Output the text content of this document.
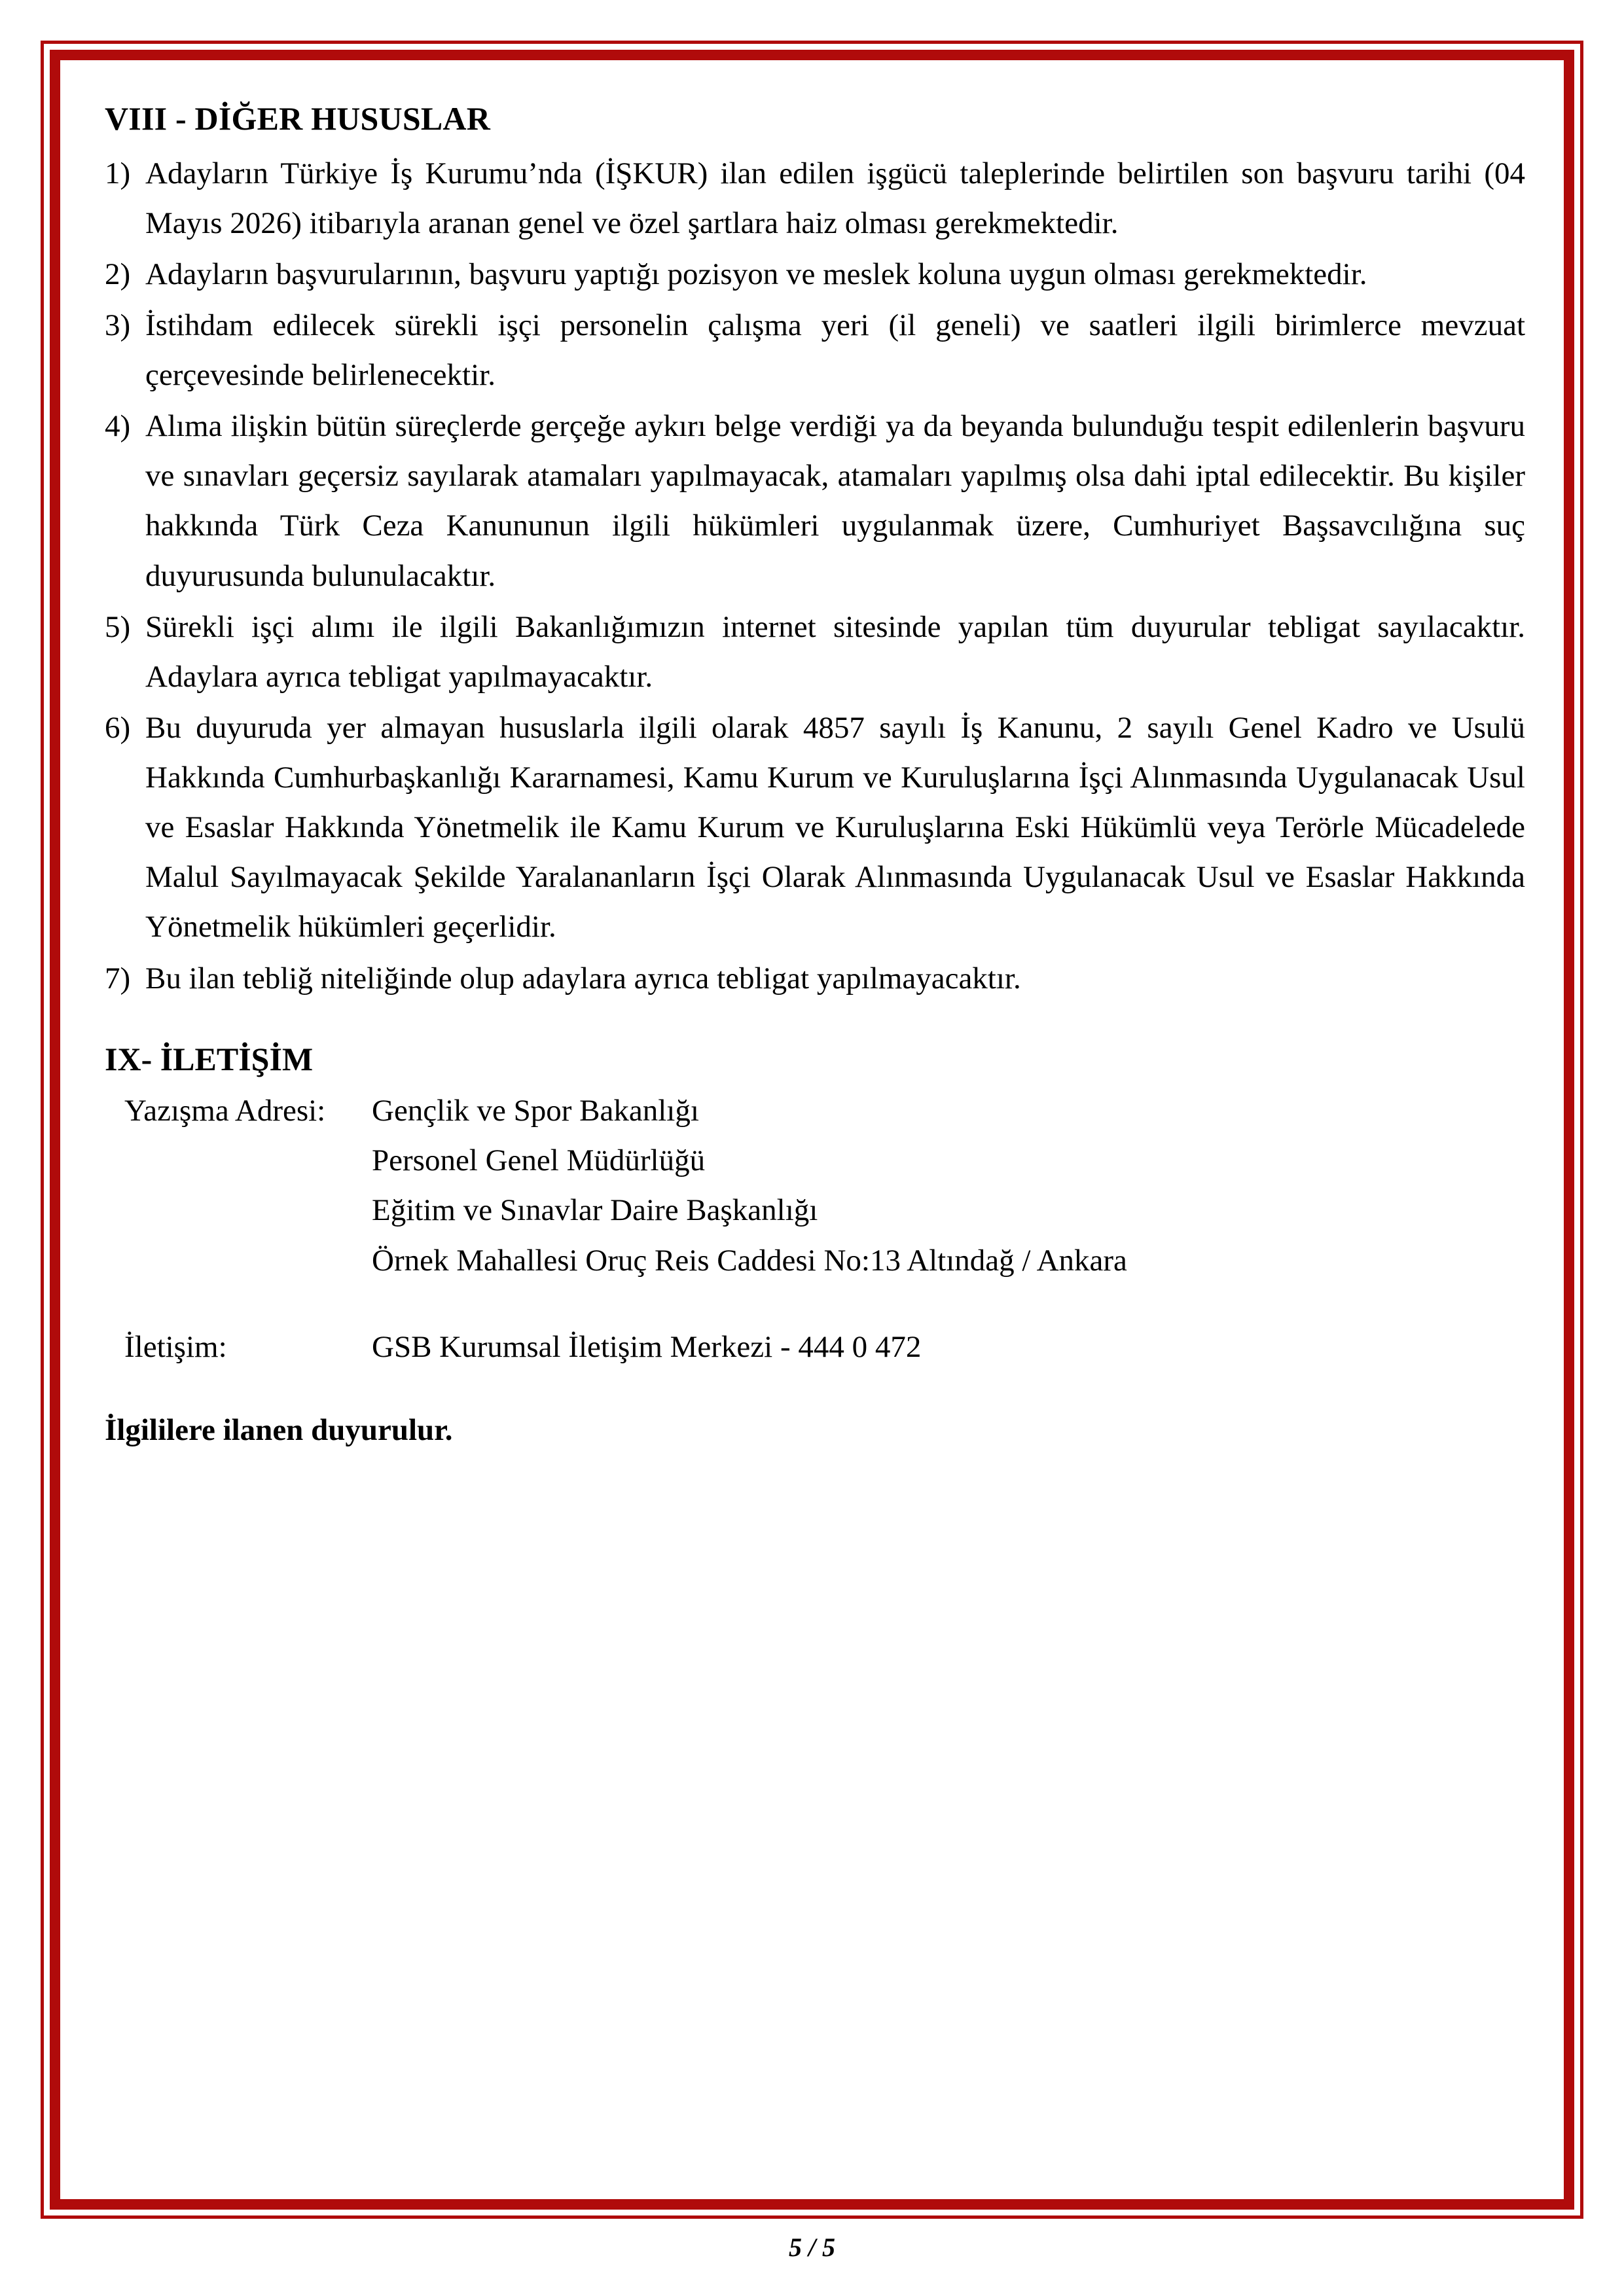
VIII - DİĞER HUSUSLAR
1) Adayların Türkiye İş Kurumu’nda (İŞKUR) ilan edilen işgücü taleplerinde belirtilen son başvuru tarihi (04 Mayıs 2026) itibarıyla aranan genel ve özel şartlara haiz olması gerekmektedir.
2) Adayların başvurularının, başvuru yaptığı pozisyon ve meslek koluna uygun olması gerekmektedir.
3) İstihdam edilecek sürekli işçi personelin çalışma yeri (il geneli) ve saatleri ilgili birimlerce mevzuat çerçevesinde belirlenecektir.
4) Alıma ilişkin bütün süreçlerde gerçeğe aykırı belge verdiği ya da beyanda bulunduğu tespit edilenlerin başvuru ve sınavları geçersiz sayılarak atamaları yapılmayacak, atamaları yapılmış olsa dahi iptal edilecektir. Bu kişiler hakkında Türk Ceza Kanununun ilgili hükümleri uygulanmak üzere, Cumhuriyet Başsavcılığına suç duyurusunda bulunulacaktır.
5) Sürekli işçi alımı ile ilgili Bakanlığımızın internet sitesinde yapılan tüm duyurular tebligat sayılacaktır. Adaylara ayrıca tebligat yapılmayacaktır.
6) Bu duyuruda yer almayan hususlarla ilgili olarak 4857 sayılı İş Kanunu, 2 sayılı Genel Kadro ve Usulü Hakkında Cumhurbaşkanlığı Kararnamesi, Kamu Kurum ve Kuruluşlarına İşçi Alınmasında Uygulanacak Usul ve Esaslar Hakkında Yönetmelik ile Kamu Kurum ve Kuruluşlarına Eski Hükümlü veya Terörle Mücadelede Malul Sayılmayacak Şekilde Yaralananların İşçi Olarak Alınmasında Uygulanacak Usul ve Esaslar Hakkında Yönetmelik hükümleri geçerlidir.
7) Bu ilan tebliğ niteliğinde olup adaylara ayrıca tebligat yapılmayacaktır.
IX- İLETİŞİM
Yazışma Adresi:	Gençlik ve Spor Bakanlığı
Personel Genel Müdürlüğü
Eğitim ve Sınavlar Daire Başkanlığı
Örnek Mahallesi Oruç Reis Caddesi No:13 Altındağ / Ankara
İletişim:	GSB Kurumsal İletişim Merkezi - 444 0 472
İlgililere ilanen duyurulur.
5 / 5
